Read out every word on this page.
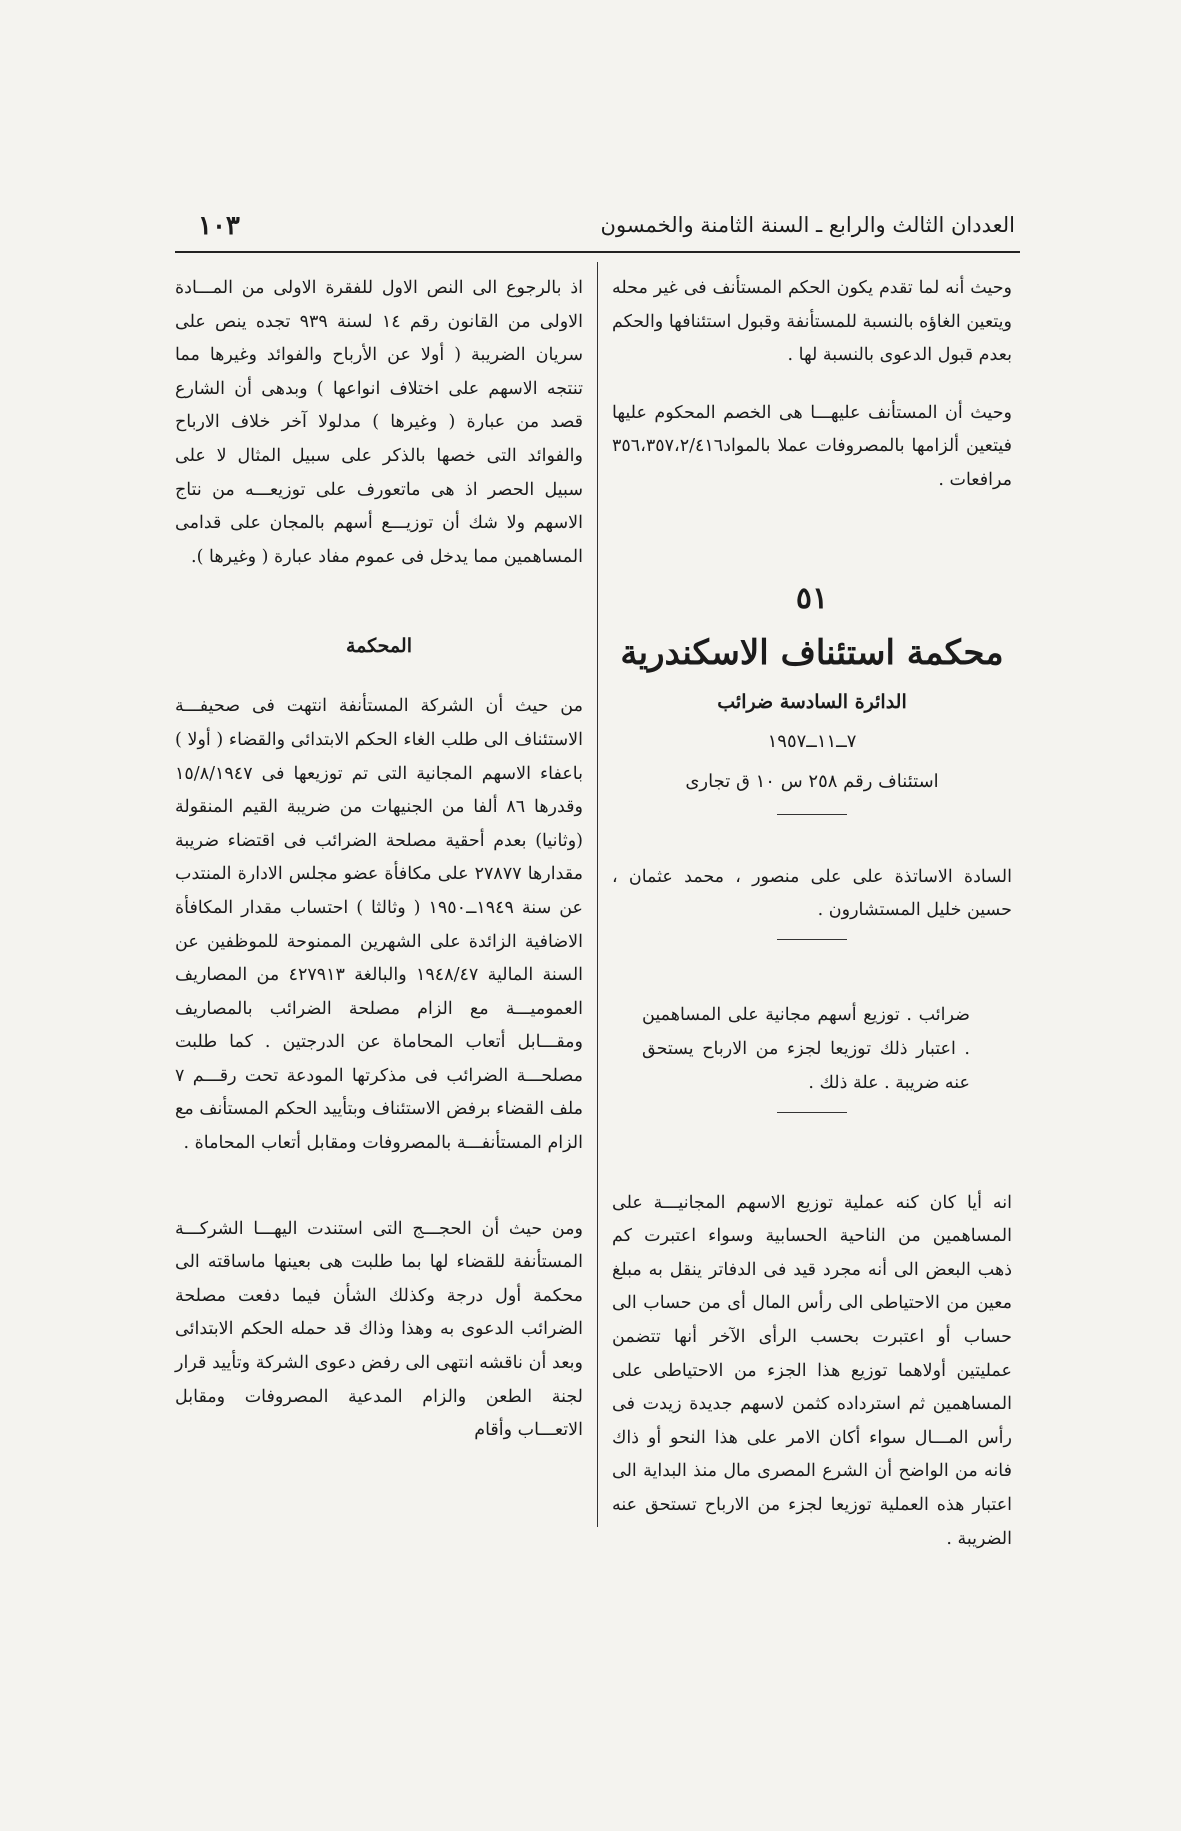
العددان الثالث والرابع ـ السنة الثامنة والخمسون
١٠٣

وحيث أنه لما تقدم يكون الحكم المستأنف فى غير محله ويتعين الغاؤه بالنسبة للمستأنفة وقبول استئنافها والحكم بعدم قبول الدعوى بالنسبة لها .

وحيث أن المستأنف عليهـــا هى الخصم المحكوم عليها فيتعين ألزامها بالمصروفات عملا بالمواد٣٥٦،٣٥٧،٢/٤١٦ مرافعات .

٥١
محكمة استئناف الاسكندرية
الدائرة السادسة ضرائب
٧ــ١١ــ١٩٥٧
استئناف رقم ٢٥٨ س ١٠ ق تجارى

السادة الاساتذة على على منصور ، محمد عثمان ، حسين خليل المستشارون .

ضرائب . توزيع أسهم مجانية على المساهمين . اعتبار ذلك توزيعا لجزء من الارباح يستحق عنه ضريبة . علة ذلك .

انه أيا كان كنه عملية توزيع الاسهم المجانيـــة على المساهمين من الناحية الحسابية وسواء اعتبرت كم ذهب البعض الى أنه مجرد قيد فى الدفاتر ينقل به مبلغ معين من الاحتياطى الى رأس المال أى من حساب الى حساب أو اعتبرت بحسب الرأى الآخر أنها تتضمن عمليتين أولاهما توزيع هذا الجزء من الاحتياطى على المساهمين ثم استرداده كثمن لاسهم جديدة زيدت فى رأس المـــال سواء أكان الامر على هذا النحو أو ذاك فانه من الواضح أن الشرع المصرى مال منذ البداية الى اعتبار هذه العملية توزيعا لجزء من الارباح تستحق عنه الضريبة .

اذ بالرجوع الى النص الاول للفقرة الاولى من المـــادة الاولى من القانون رقم ١٤ لسنة ٩٣٩ تجده ينص على سريان الضريبة ( أولا عن الأرباح والفوائد وغيرها مما تنتجه الاسهم على اختلاف انواعها ) وبدهى أن الشارع قصد من عبارة ( وغيرها ) مدلولا آخر خلاف الارباح والفوائد التى خصها بالذكر على سبيل المثال لا على سبيل الحصر اذ هى ماتعورف على توزيعـــه من نتاج الاسهم ولا شك أن توزيـــع أسهم بالمجان على قدامى المساهمين مما يدخل فى عموم مفاد عبارة ( وغيرها ).

المحكمة

من حيث أن الشركة المستأنفة انتهت فى صحيفـــة الاستئناف الى طلب الغاء الحكم الابتدائى والقضاء ( أولا ) باعفاء الاسهم المجانية التى تم توزيعها فى ١٥/٨/١٩٤٧ وقدرها ٨٦ ألفا من الجنيهات من ضريبة القيم المنقولة (وثانيا) بعدم أحقية مصلحة الضرائب فى اقتضاء ضريبة مقدارها ٢٧٨٧٧ على مكافأة عضو مجلس الادارة المنتدب عن سنة ١٩٤٩ــ١٩٥٠ ( وثالثا ) احتساب مقدار المكافأة الاضافية الزائدة على الشهرين الممنوحة للموظفين عن السنة المالية ١٩٤٨/٤٧ والبالغة ٤٢٧٩١٣ من المصاريف العموميـــة مع الزام مصلحة الضرائب بالمصاريف ومقـــابل أتعاب المحاماة عن الدرجتين . كما طلبت مصلحـــة الضرائب فى مذكرتها المودعة تحت رقـــم ٧ ملف القضاء برفض الاستئناف وبتأييد الحكم المستأنف مع الزام المستأنفـــة بالمصروفات ومقابل أتعاب المحاماة .

ومن حيث أن الحجـــج التى استندت اليهـــا الشركـــة المستأنفة للقضاء لها بما طلبت هى بعينها ماساقته الى محكمة أول درجة وكذلك الشأن فيما دفعت مصلحة الضرائب الدعوى به وهذا وذاك قد حمله الحكم الابتدائى وبعد أن ناقشه انتهى الى رفض دعوى الشركة وتأييد قرار لجنة الطعن والزام المدعية المصروفات ومقابل الاتعـــاب وأقام
